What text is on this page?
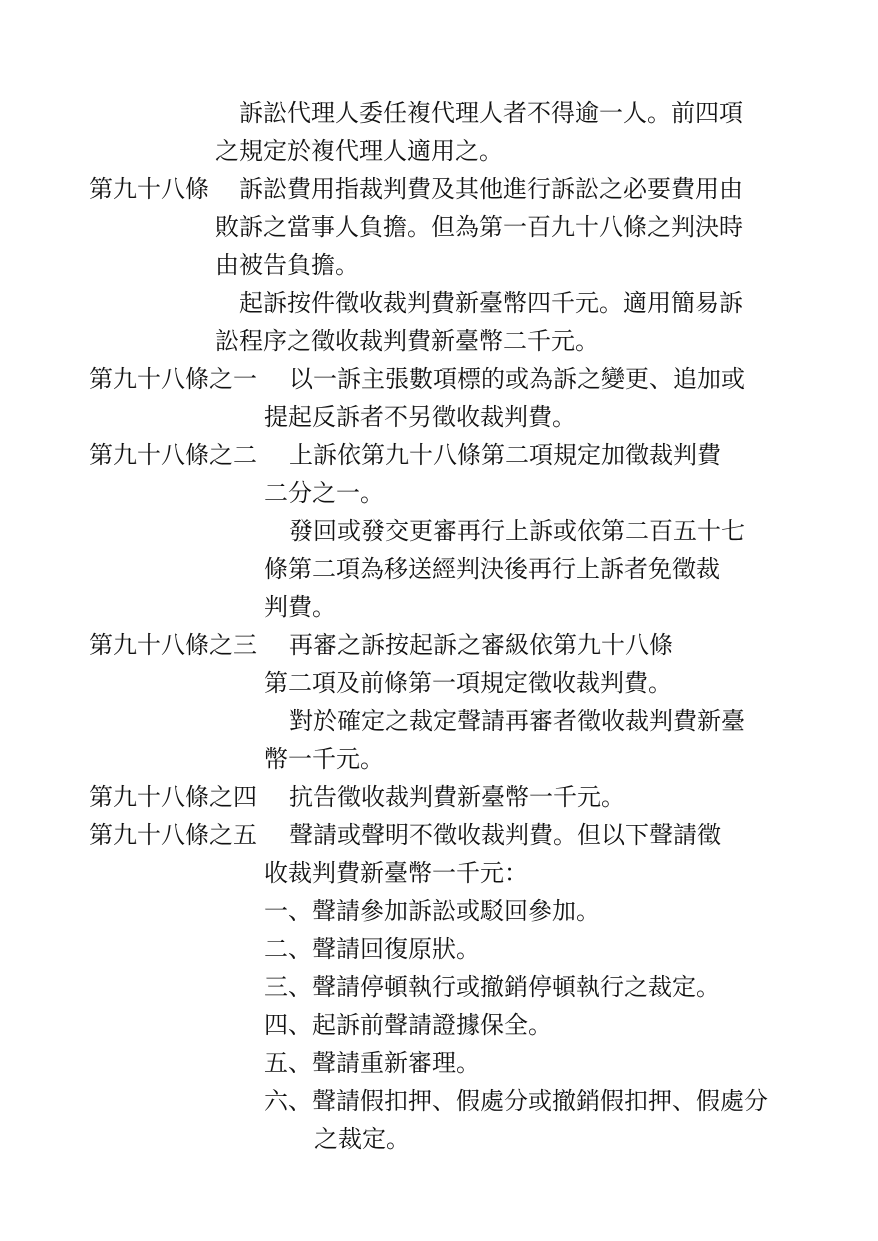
訴訟代理人委任複代理人者不得逾一人。前四項
之規定於複代理人適用之。
第九十八條 訴訟費用指裁判費及其他進行訴訟之必要費用由
敗訴之當事人負擔。但為第一百九十八條之判決時
由被告負擔。
起訴按件徵收裁判費新臺幣四千元。適用簡易訴
訟程序之徵收裁判費新臺幣二千元。
第九十八條之一 以一訴主張數項標的或為訴之變更、追加或
提起反訴者不另徵收裁判費。
第九十八條之二 上訴依第九十八條第二項規定加徵裁判費
二分之一。
發回或發交更審再行上訴或依第二百五十七
條第二項為移送經判決後再行上訴者免徵裁
判費。
第九十八條之三 再審之訴按起訴之審級依第九十八條
第二項及前條第一項規定徵收裁判費。
對於確定之裁定聲請再審者徵收裁判費新臺
幣一千元。
第九十八條之四 抗告徵收裁判費新臺幣一千元。
第九十八條之五 聲請或聲明不徵收裁判費。但以下聲請徵
收裁判費新臺幣一千元：
一、聲請參加訴訟或駁回參加。
二、聲請回復原狀。
三、聲請停頓執行或撤銷停頓執行之裁定。
四、起訴前聲請證據保全。
五、聲請重新審理。
六、聲請假扣押、假處分或撤銷假扣押、假處分
之裁定。
